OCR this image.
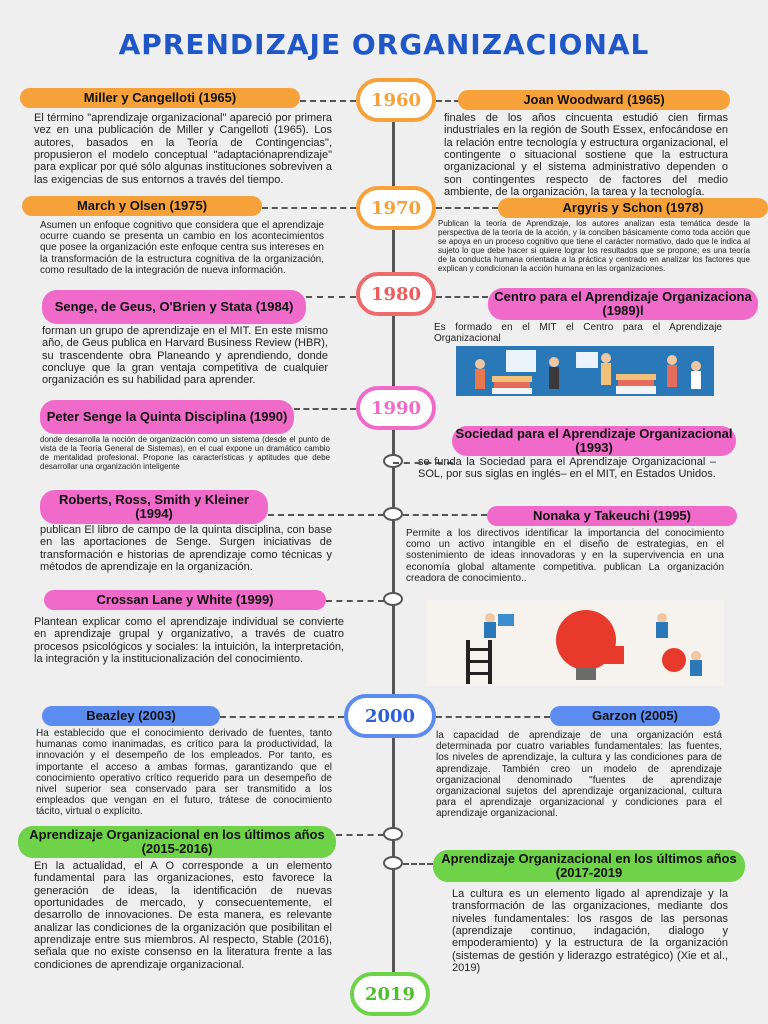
APRENDIZAJE ORGANIZACIONAL
1960
1970
1980
1990
2000
2019
Miller y Cangelloti (1965)
El término "aprendizaje organizacional" apareció por primera vez en una publicación de Miller y Cangelloti (1965). Los autores, basados en la Teoría de Contingencias", propusieron el modelo conceptual "adaptaciónaprendizaje" para explicar por qué sólo algunas instituciones sobreviven a las exigencias de sus entornos a través del tiempo.
Joan Woodward (1965)
finales de los años cincuenta estudió cien firmas industriales en la región de South Essex, enfocándose en la relación entre tecnología y estructura organizacional, el contingente o situacional sostiene que la estructura organizacional y el sistema administrativo dependen o son contingentes respecto de factores del medio ambiente, de la organización, la tarea y la tecnología.
March y Olsen (1975)
Asumen un enfoque cognitivo que considera que el aprendizaje ocurre cuando se presenta un cambio en los acontecimientos que posee la organización este enfoque centra sus intereses en la transformación de la estructura cognitiva de la organización, como resultado de la integración de nueva información.
Argyris y Schon (1978)
Publican la teoría de Aprendizaje, los autores analizan esta temática desde la perspectiva de la teoría de la acción, y la conciben básicamente como toda acción que se apoya en un proceso cognitivo que tiene el carácter normativo, dado que le indica al sujeto lo que debe hacer si quiere lograr los resultados que se propone; es una teoría de la conducta humana orientada a la práctica y centrado en analizar los factores que explican y condicionan la acción humana en las organizaciones.
Senge, de Geus, O'Brien y Stata (1984)
forman un grupo de aprendizaje en el MIT. En este mismo año, de Geus publica en Harvard Business Review (HBR), su trascendente obra Planeando y aprendiendo, donde concluye que la gran ventaja competitiva de cualquier organización es su habilidad para aprender.
Centro para el Aprendizaje Organizaciona (1989)l
Es formado en el MIT el Centro para el Aprendizaje Organizacional
Peter Senge la Quinta Disciplina (1990)
donde desarrolla la noción de organización como un sistema (desde el punto de vista de la Teoría General de Sistemas), en el cual expone un dramático cambio de mentalidad profesional. Propone las características y aptitudes que debe desarrollar una organización inteligente
Sociedad para el Aprendizaje Organizacional (1993)
se funda la Sociedad para el Aprendizaje Organizacional –SOL, por sus siglas en inglés– en el MIT, en Estados Unidos.
Roberts, Ross, Smith y Kleiner (1994)
publican El libro de campo de la quinta disciplina, con base en las aportaciones de Senge. Surgen iniciativas de transformación e historias de aprendizaje como técnicas y métodos de aprendizaje en la organización.
Nonaka y Takeuchi (1995)
Permite a los directivos identificar la importancia del conocimiento como un activo intangible en el diseño de estrategias, en el sostenimiento de ideas innovadoras y en la supervivencia en una economía global altamente competitiva. publican La organización creadora de conocimiento..
Crossan Lane y White (1999)
Plantean explicar como el aprendizaje individual se convierte en aprendizaje grupal y organizativo, a través de cuatro procesos psicológicos y sociales: la intuición, la interpretación, la integración y la institucionalización del conocimiento.
Beazley (2003)
Ha establecido que el conocimiento derivado de fuentes, tanto humanas como inanimadas, es crítico para la productividad, la innovación y el desempeño de los empleados. Por tanto, es importante el acceso a ambas formas, garantizando que el conocimiento operativo crítico requerido para un desempeño de nivel superior sea conservado para ser transmitido a los empleados que vengan en el futuro, trátese de conocimiento tácito, virtual o explícito.
Garzon (2005)
la capacidad de aprendizaje de una organización está determinada por cuatro variables fundamentales: las fuentes, los niveles de aprendizaje, la cultura y las condiciones para de aprendizaje. También creo un modelo de aprendizaje organizacional denominado "fuentes de aprendizaje organizacional sujetos del aprendizaje organizacional, cultura para el aprendizaje organizacional y condiciones para el aprendizaje organizacional.
Aprendizaje Organizacional en los últimos años (2015-2016)
En la actualidad, el A O corresponde a un elemento fundamental para las organizaciones, esto favorece la generación de ideas, la identificación de nuevas oportunidades de mercado, y consecuentemente, el desarrollo de innovaciones. De esta manera, es relevante analizar las condiciones de la organización que posibilitan el aprendizaje entre sus miembros. Al respecto, Stable (2016), señala que no existe consenso en la literatura frente a las condiciones de aprendizaje organizacional.
Aprendizaje Organizacional en los últimos años (2017-2019
La cultura es un elemento ligado al aprendizaje y la transformación de las organizaciones, mediante dos niveles fundamentales: los rasgos de las personas (aprendizaje continuo, indagación, dialogo y empoderamiento) y la estructura de la organización (sistemas de gestión y liderazgo estratégico) (Xie et al., 2019)
